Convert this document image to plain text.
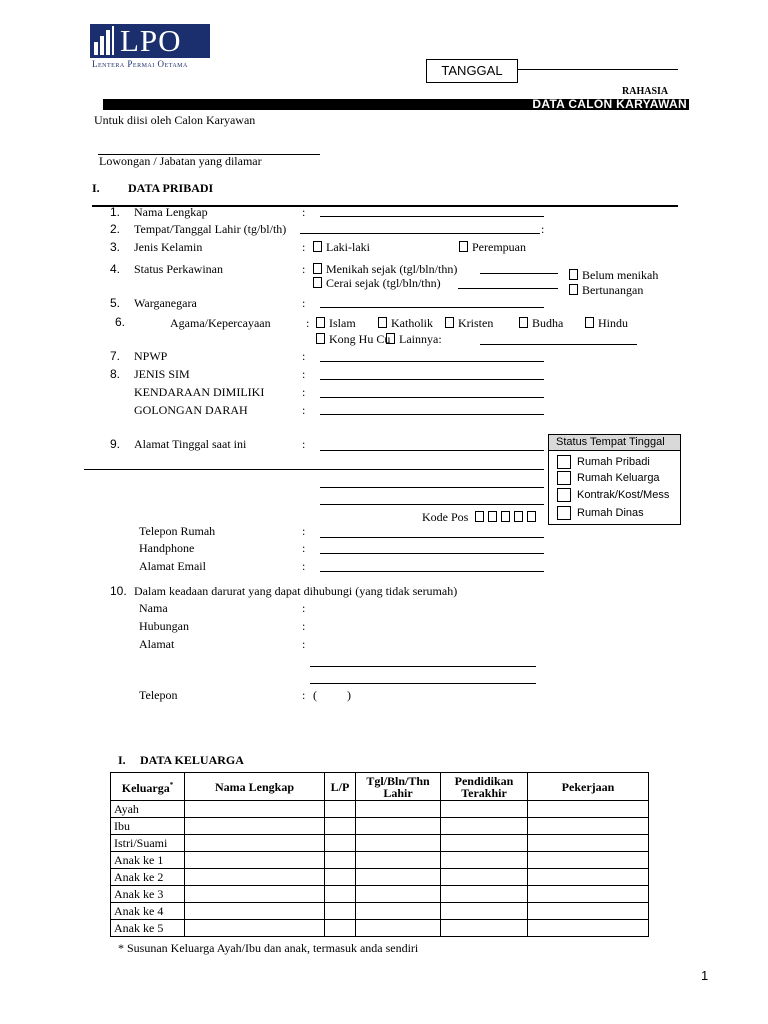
LPO
Lentera Permai Oetama	TANGGAL
RAHASIA
DATA CALON KARYAWAN
Untuk diisi oleh Calon Karyawan
Lowongan / Jabatan yang dilamar
I. DATA PRIBADI
1. Nama Lengkap	:
2. Tempat/Tanggal Lahir (tg/bl/th)	:
3. Jenis Kelamin	:	Laki-laki	Perempuan
4. Status Perkawinan	:	Menikah sejak (tgl/bln/thn)
Cerai sejak (tgl/bln/thn)
Belum menikah
Bertunangan
5. Warganegara	:
6.	Agama/Kepercayaan	:	Islam	Katholik	Kristen	Budha	Hindu
Kong Hu Cu Lainnya:
7. NPWP	:
8. JENIS SIM	:
KENDARAAN DIMILIKI	:
GOLONGAN DARAH	:
9. Alamat Tinggal saat ini	:
Kode Pos
Telepon Rumah	:
Handphone	:
Alamat Email	:
Status Tempat Tinggal
Rumah Pribadi
Rumah Keluarga
Kontrak/Kost/Mess
Rumah Dinas
10. Dalam keadaan darurat yang dapat dihubungi (yang tidak serumah)
Nama	:
Hubungan	:
Alamat	:
Telepon	: (          )
I. DATA KELUARGA
Keluarga*	Nama Lengkap	L/P	Tgl/Bln/Thn Lahir	Pendidikan Terakhir	Pekerjaan
Ayah					
Ibu					
Istri/Suami					
Anak ke 1					
Anak ke 2					
Anak ke 3					
Anak ke 4					
Anak ke 5					
* Susunan Keluarga Ayah/Ibu dan anak, termasuk anda sendiri
1
